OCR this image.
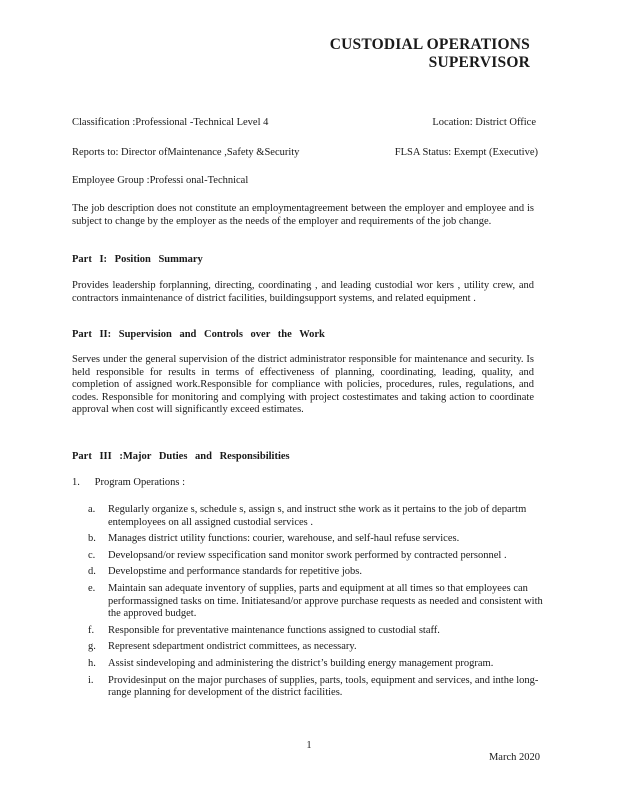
CUSTODIAL OPERATIONS
SUPERVISOR
Classification :Professional -Technical Level 4	Location: District Office
Reports to: Director ofMaintenance ,Safety &Security	FLSA Status: Exempt (Executive)
Employee Group :Professi onal-Technical
The job description does not constitute an employmentagreement between the employer and employee and is subject to change by the employer as the needs of the employer and requirements of the job change.
Part I: Position Summary
Provides leadership forplanning, directing, coordinating , and leading custodial wor kers , utility crew, and contractors inmaintenance of district facilities, buildingsupport systems, and related equipment .
Part II: Supervision and Controls over the Work
Serves under the general supervision of the district administrator responsible for maintenance and security. Is held responsible for results in terms of effectiveness of planning, coordinating, leading, quality, and completion of assigned work.Responsible for compliance with policies, procedures, rules, regulations, and codes. Responsible for monitoring and complying with project costestimates and taking action to coordinate approval when cost will significantly exceed estimates.
Part III :Major Duties and Responsibilities
1. Program Operations :
a. Regularly organize s, schedule s, assign s, and instruct sthe work as it pertains to the job of departm entemployees on all assigned custodial services .
b. Manages district utility functions: courier, warehouse, and self-haul refuse services.
c. Developsand/or review sspecification sand monitor swork performed by contracted personnel .
d. Developstime and performance standards for repetitive jobs.
e. Maintain san adequate inventory of supplies, parts and equipment at all times so that employees can performassigned tasks on time. Initiatesand/or approve purchase requests as needed and consistent with the approved budget.
f. Responsible for preventative maintenance functions assigned to custodial staff.
g. Represent sdepartment ondistrict committees, as necessary.
h. Assist sindeveloping and administering the district’s building energy management program.
i. Providesinput on the major purchases of supplies, parts, tools, equipment and services, and inthe long-range planning for development of the district facilities.
1
March 2020
